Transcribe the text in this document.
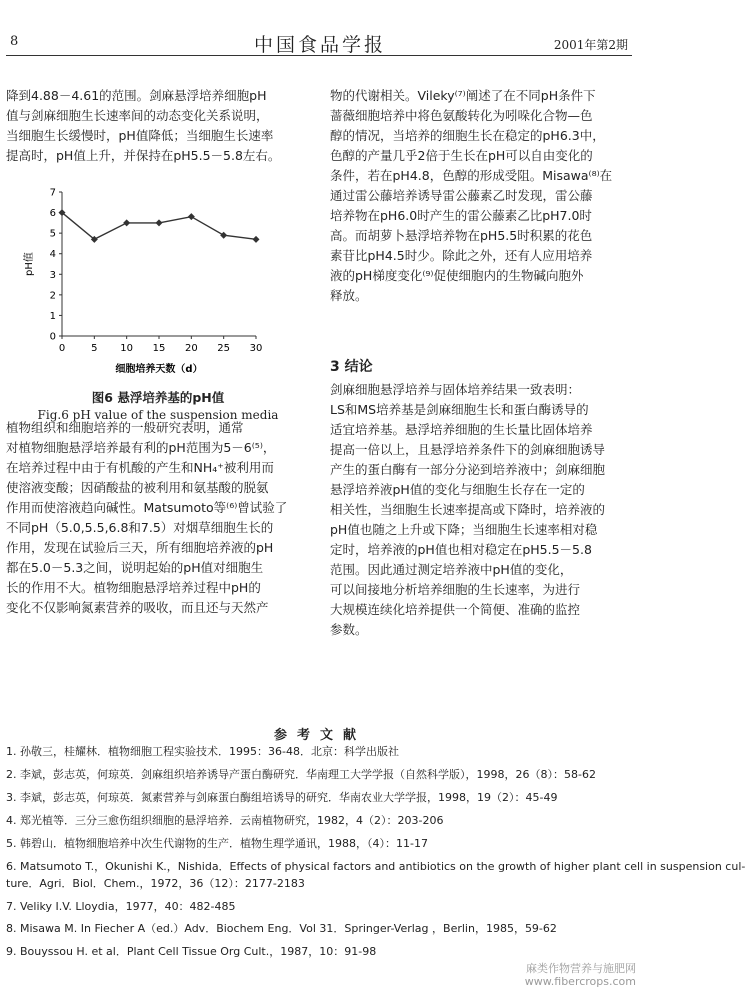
8	中国食品学报	2001年第2期
降到4.88－4.61的范围。剑麻悬浮培养细胞pH
值与剑麻细胞生长速率间的动态变化关系说明，
当细胞生长缓慢时，pH值降低；当细胞生长速率
提高时，pH值上升，并保持在pH5.5－5.8左右。
0
1
2
3
4
5
6
7
0	5 10 15 20 25 30
pH值
细胞培养天数（d）
图6 悬浮培养基的pH值
Fig.6 pH value of the suspension media
植物组织和细胞培养的一般研究表明，通常
对植物细胞悬浮培养最有利的pH范围为5－6⁽⁵⁾，
在培养过程中由于有机酸的产生和NH₄⁺被利用而
使溶液变酸；因硝酸盐的被利用和氨基酸的脱氨
作用而使溶液趋向碱性。Matsumoto等⁽⁶⁾曾试验了
不同pH（5.0,5.5,6.8和7.5）对烟草细胞生长的
作用，发现在试验后三天，所有细胞培养液的pH
都在5.0－5.3之间，说明起始的pH值对细胞生
长的作用不大。植物细胞悬浮培养过程中pH的
变化不仅影响氮素营养的吸收，而且还与天然产
物的代谢相关。Vileky⁽⁷⁾阐述了在不同pH条件下
蔷薇细胞培养中将色氨酸转化为吲哚化合物—色
醇的情况，当培养的细胞生长在稳定的pH6.3中，
色醇的产量几乎2倍于生长在pH可以自由变化的
条件，若在pH4.8，色醇的形成受阻。Misawa⁽⁸⁾在
通过雷公藤培养诱导雷公藤素乙时发现，雷公藤
培养物在pH6.0时产生的雷公藤素乙比pH7.0时
高。而胡萝卜悬浮培养物在pH5.5时积累的花色
素苷比pH4.5时少。除此之外，还有人应用培养
液的pH梯度变化⁽⁹⁾促使细胞内的生物碱向胞外
释放。
3 结论
剑麻细胞悬浮培养与固体培养结果一致表明：
LS和MS培养基是剑麻细胞生长和蛋白酶诱导的
适宜培养基。悬浮培养细胞的生长量比固体培养
提高一倍以上，且悬浮培养条件下的剑麻细胞诱导
产生的蛋白酶有一部分分泌到培养液中；剑麻细胞
悬浮培养液pH值的变化与细胞生长存在一定的
相关性，当细胞生长速率提高或下降时，培养液的
pH值也随之上升或下降；当细胞生长速率相对稳
定时，培养液的pH值也相对稳定在pH5.5－5.8
范围。因此通过测定培养液中pH值的变化，
可以间接地分析培养细胞的生长速率，为进行
大规模连续化培养提供一个简便、准确的监控
参数。
参考文献
1. 孙敬三，桂耀林．植物细胞工程实验技术．1995：36-48．北京：科学出版社
2. 李斌，彭志英，何琼英．剑麻组织培养诱导产蛋白酶研究．华南理工大学学报（自然科学版），1998，26（8）：58-62
3. 李斌，彭志英，何琼英．氮素营养与剑麻蛋白酶组培诱导的研究．华南农业大学学报，1998，19（2）：45-49
4. 郑光植等．三分三愈伤组织细胞的悬浮培养．云南植物研究，1982，4（2）：203-206
5. 韩碧山．植物细胞培养中次生代谢物的生产．植物生理学通讯，1988，（4）：11-17
6. Matsumoto T.，Okunishi K.，Nishida．Effects of physical factors and antibiotics on the growth of higher plant cell in suspension cul-
ture．Agri．Biol．Chem.，1972，36（12）：2177-2183
7. Veliky I.V. Lloydia，1977，40：482-485
8. Misawa M. In Fiecher A（ed.）Adv．Biochem Eng．Vol 31．Springer-Verlag ，Berlin，1985，59-62
9. Bouyssou H. et al．Plant Cell Tissue Org Cult.，1987，10：91-98
麻类作物营养与施肥网
www.fibercrops.com
